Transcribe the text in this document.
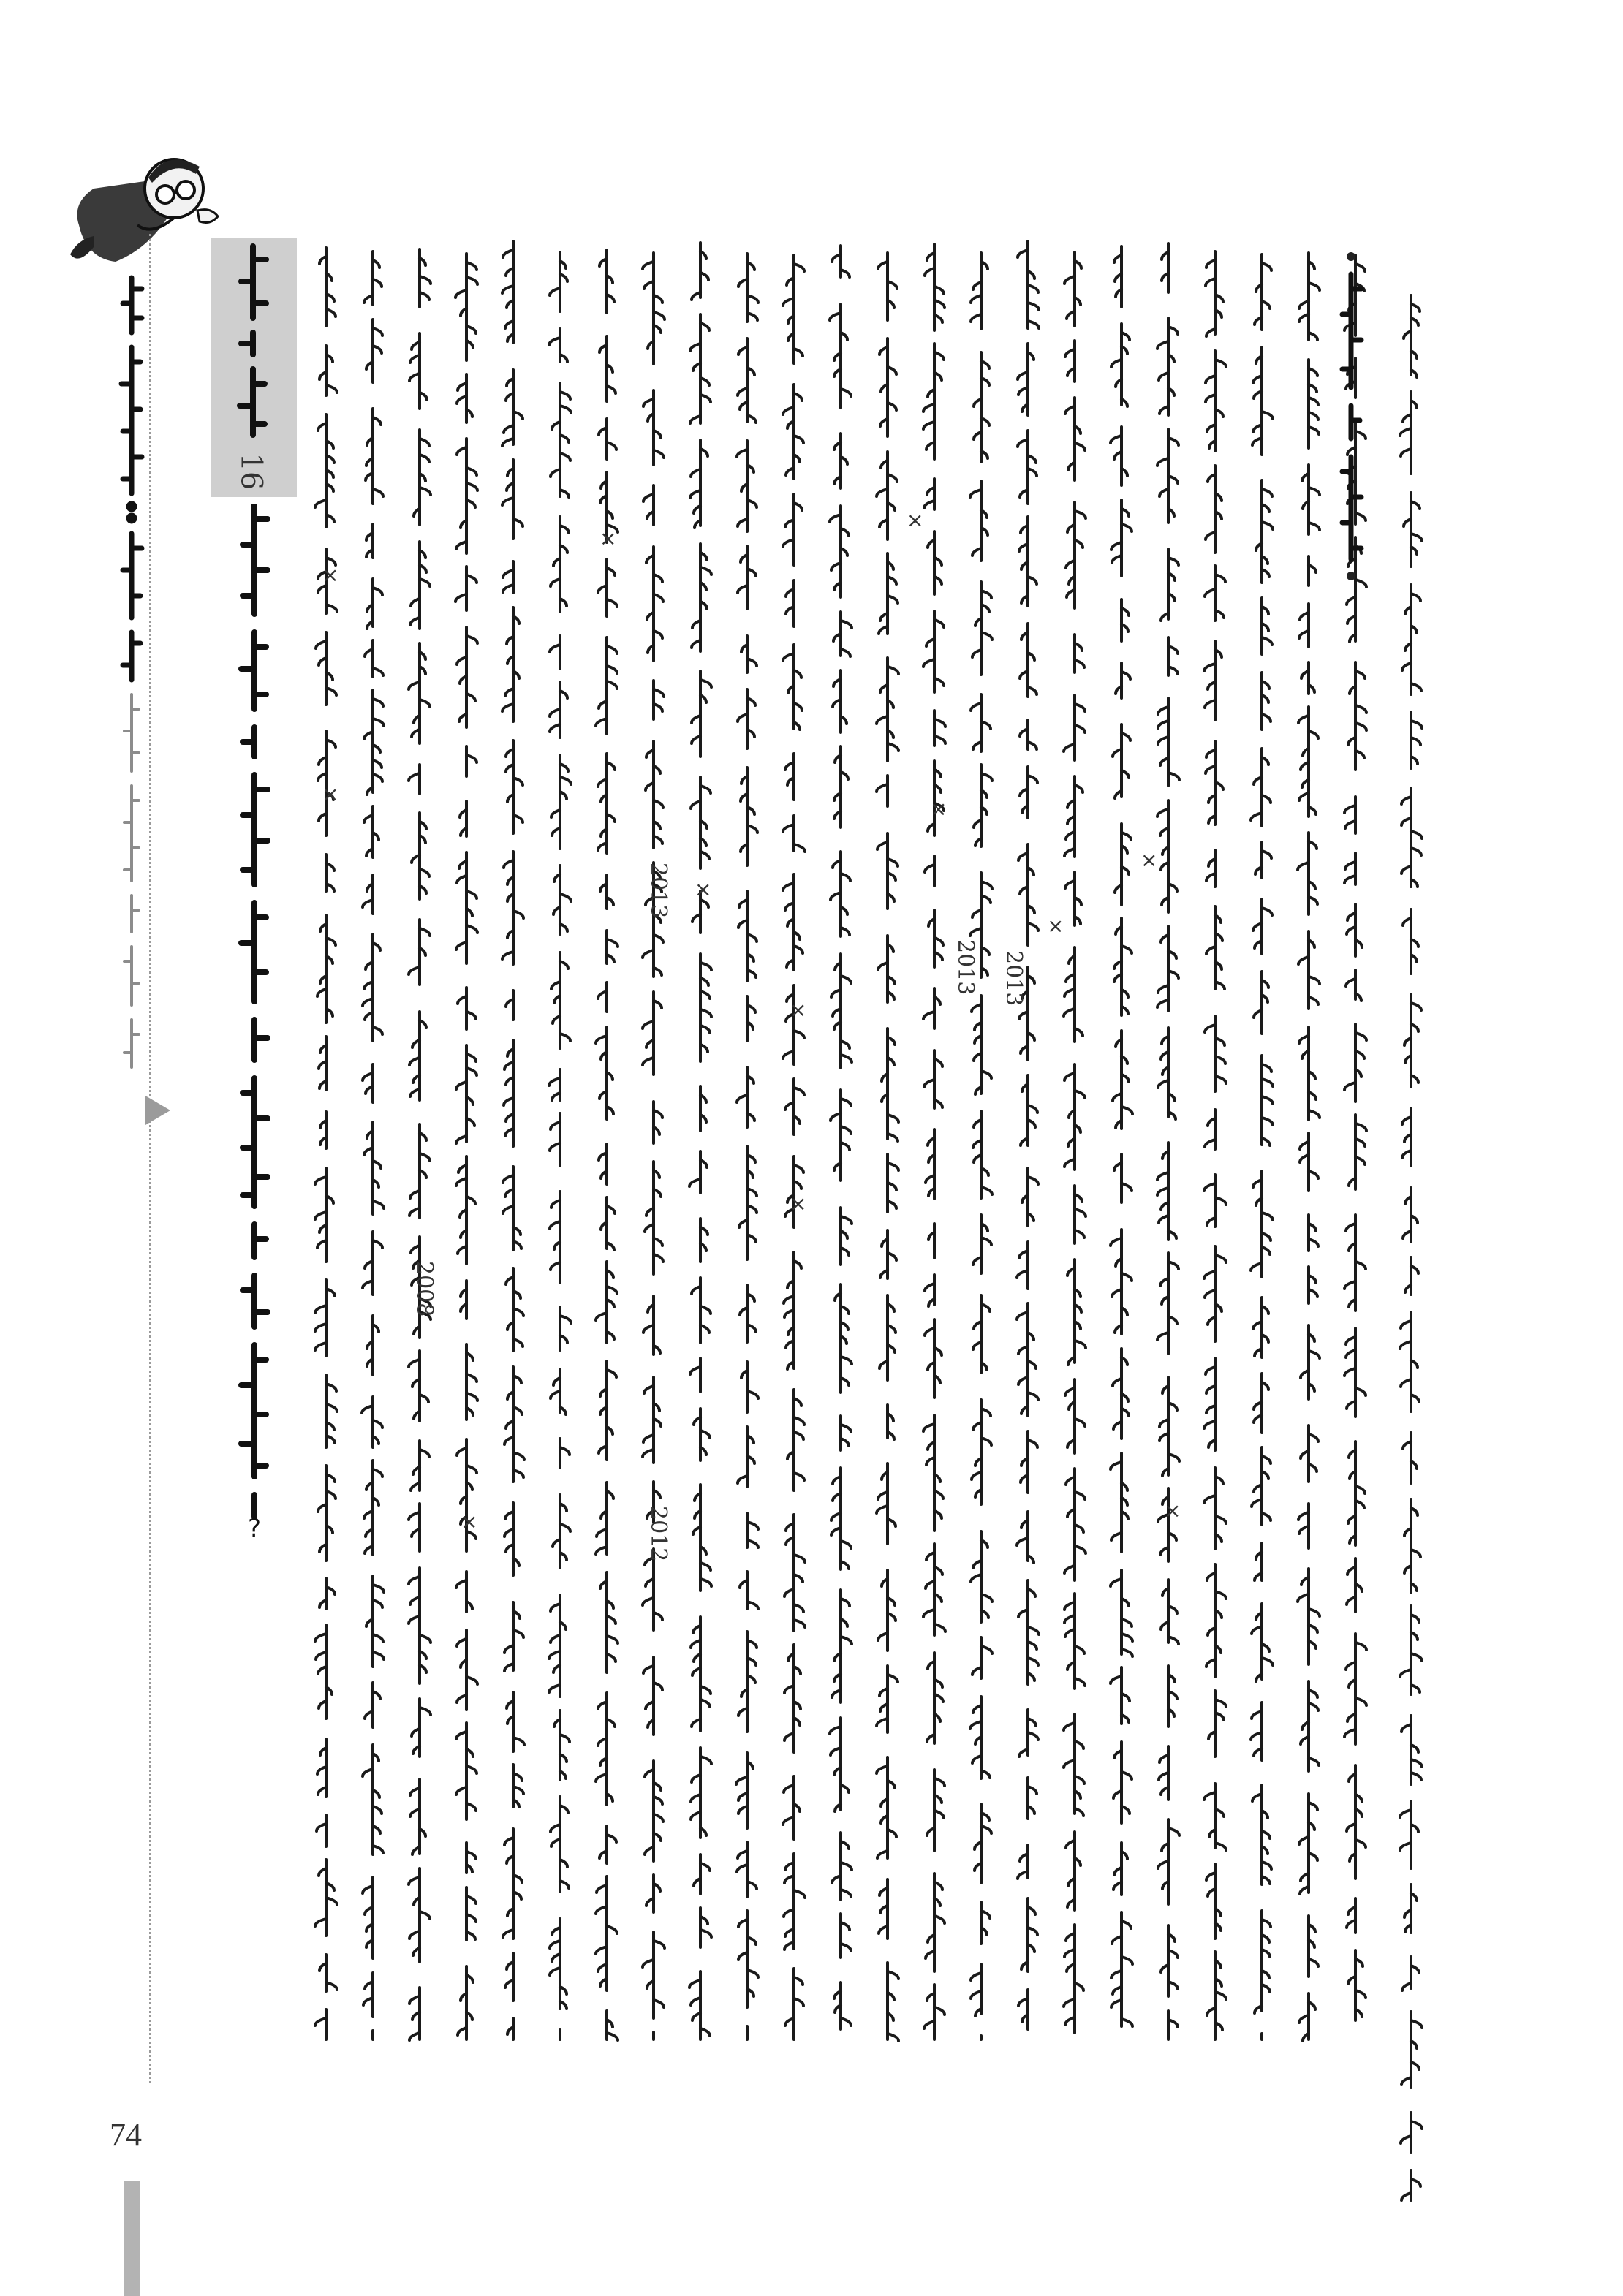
16
?
2013
2013
2013
2012
2008
×
×
×
×
×
×
×
×
×
×
×
×
74
